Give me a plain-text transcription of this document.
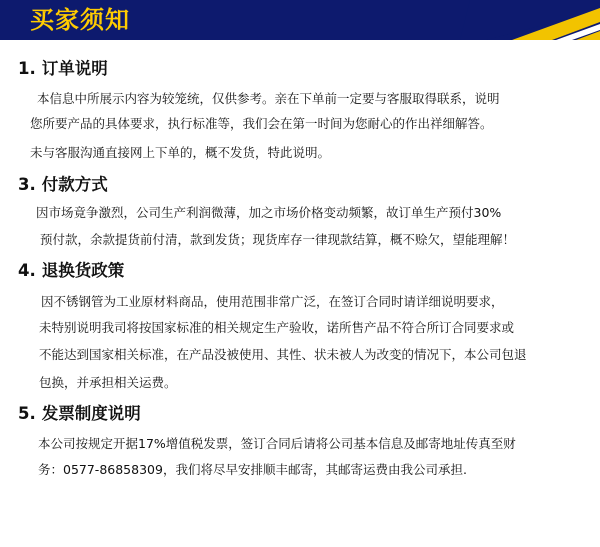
买家须知
1. 订单说明
本信息中所展示内容为较笼统，仅供参考。亲在下单前一定要与客服取得联系，说明
您所要产品的具体要求，执行标准等，我们会在第一时间为您耐心的作出祥细解答。
未与客服沟通直接网上下单的，概不发货，特此说明。
3. 付款方式
因市场竟争激烈，公司生产利润微薄，加之市场价格变动频繁，故订单生产预付30%
预付款，余款提货前付清，款到发货；现货库存一律现款结算，概不赊欠，望能理解！
4. 退换货政策
因不锈钢管为工业原材料商品，使用范围非常广泛，在签订合同时请详细说明要求，
未特别说明我司将按国家标准的相关规定生产验收，诺所售产品不符合所订合同要求或
不能达到国家相关标准，在产品没被使用、其性、状未被人为改变的情况下，本公司包退
包换，并承担相关运费。
5. 发票制度说明
本公司按规定开据17%增值税发票，签订合同后请将公司基本信息及邮寄地址传真至财
务：0577-86858309，我们将尽早安排顺丰邮寄，其邮寄运费由我公司承担.
